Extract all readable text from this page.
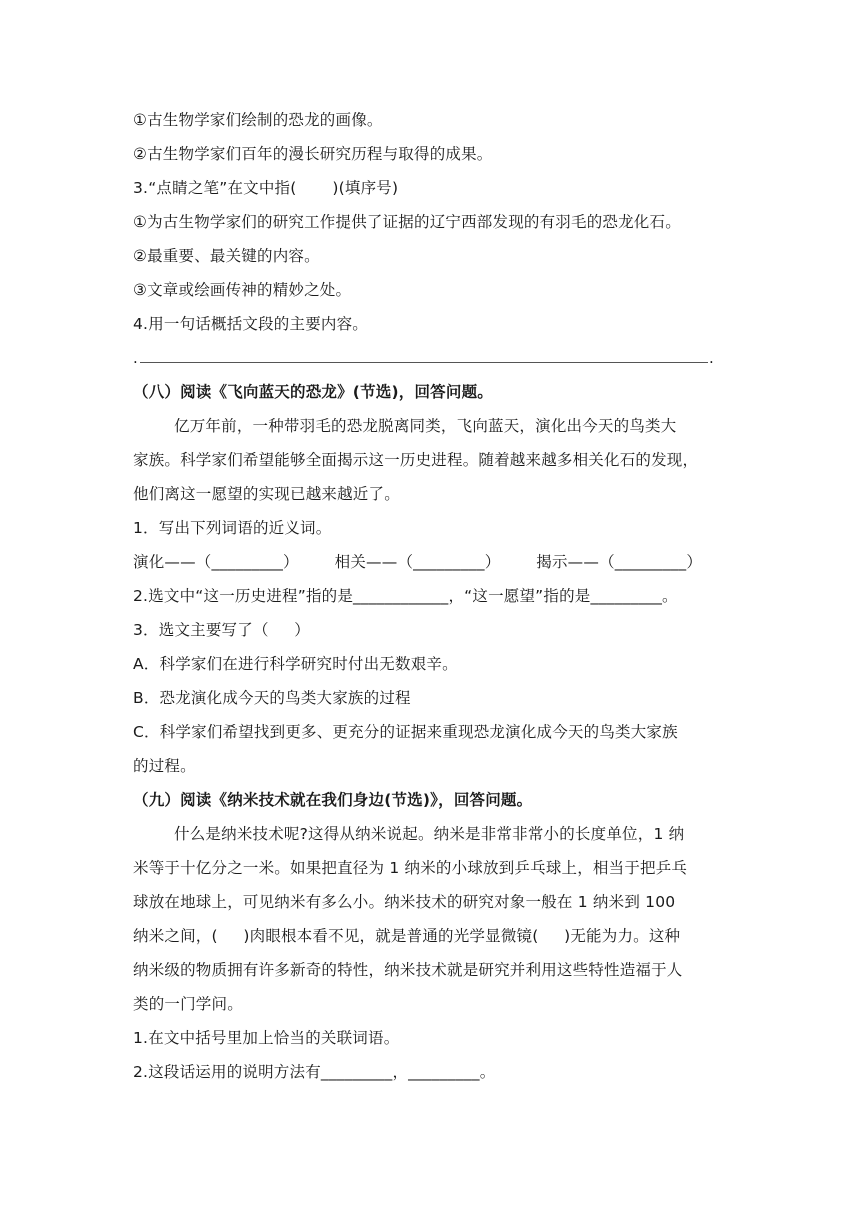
①古生物学家们绘制的恐龙的画像。
②古生物学家们百年的漫长研究历程与取得的成果。
3.“点睛之笔”在文中指(       )(填序号)
①为古生物学家们的研究工作提供了证据的辽宁西部发现的有羽毛的恐龙化石。
②最重要、最关键的内容。
③文章或绘画传神的精妙之处。
4.用一句话概括文段的主要内容。
.	.
（八）阅读《飞向蓝天的恐龙》(节选)，回答问题。
亿万年前，一种带羽毛的恐龙脱离同类，飞向蓝天，演化出今天的鸟类大
家族。科学家们希望能够全面揭示这一历史进程。随着越来越多相关化石的发现，
他们离这一愿望的实现已越来越近了。
1．写出下列词语的近义词。
演化——（_________）       相关——（_________）       揭示——（_________）
2.选文中“这一历史进程”指的是____________，“这一愿望”指的是_________。
3．选文主要写了（     ）
A．科学家们在进行科学研究时付出无数艰辛。
B．恐龙演化成今天的鸟类大家族的过程
C．科学家们希望找到更多、更充分的证据来重现恐龙演化成今天的鸟类大家族
的过程。
（九）阅读《纳米技术就在我们身边(节选)》，回答问题。
什么是纳米技术呢?这得从纳米说起。纳米是非常非常小的长度单位，1 纳
米等于十亿分之一米。如果把直径为 1 纳米的小球放到乒乓球上，相当于把乒乓
球放在地球上，可见纳米有多么小。纳米技术的研究对象一般在 1 纳米到 100
纳米之间，(     )肉眼根本看不见，就是普通的光学显微镜(     )无能为力。这种
纳米级的物质拥有许多新奇的特性，纳米技术就是研究并利用这些特性造福于人
类的一门学问。
1.在文中括号里加上恰当的关联词语。
2.这段话运用的说明方法有_________，_________。
